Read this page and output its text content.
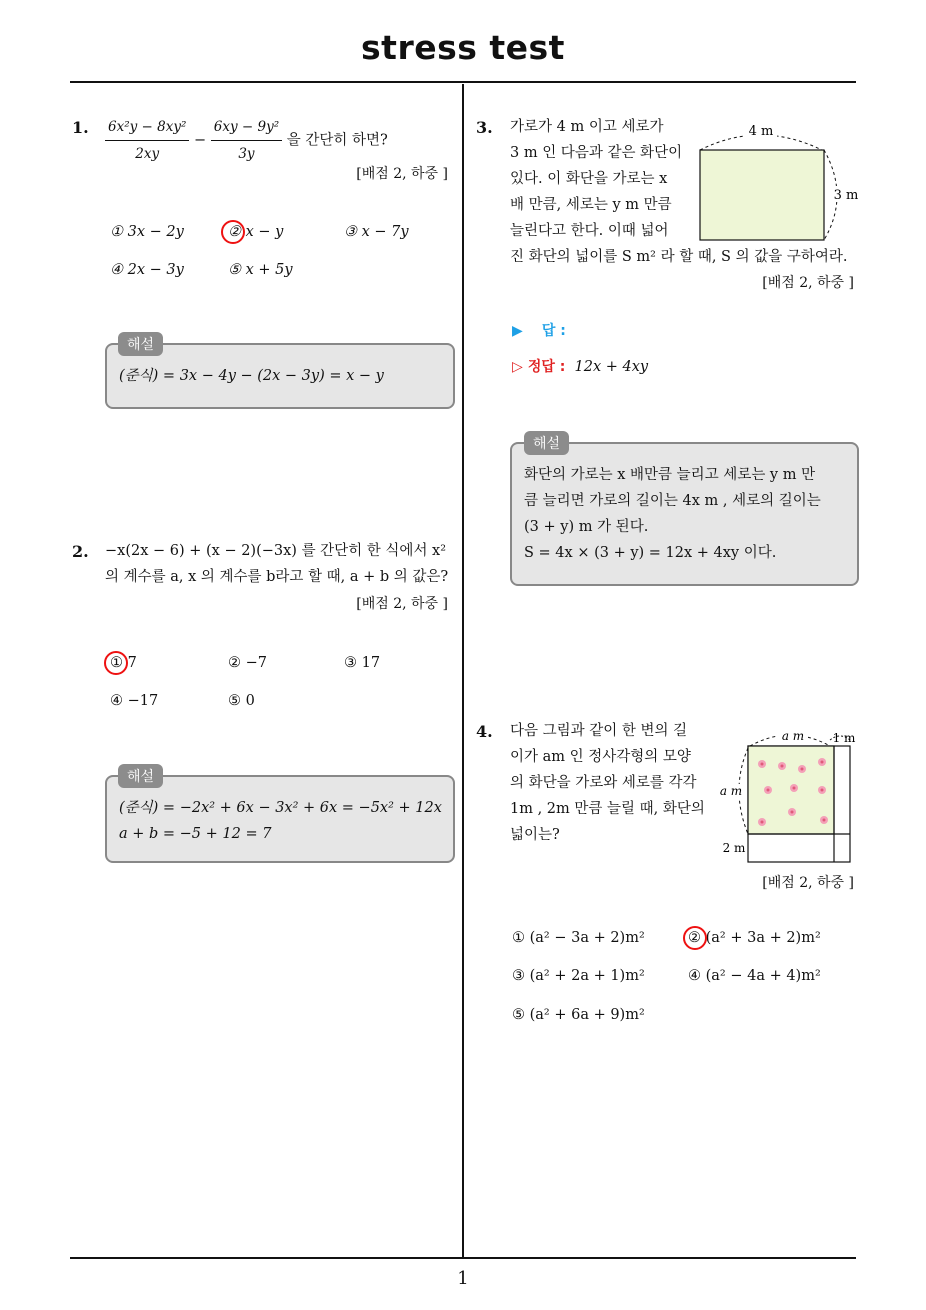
stress test
1
1. $\frac{\text{6x²y − 8xy²}}{2xy} - \frac{\text{6xy − 9y²}}{3y}$ 을 간단히 하면?
[배점 2, 하중 ]
① 3x − 2y	② x − y	③ x − 7y
④ 2x − 3y	⑤ x + 5y
(준식) = 3x − 4y − (2x − 3y) = x − y
해설
2. −x(2x − 6) + (x − 2)(−3x) 를 간단히 한 식에서 x²
의 계수를 a, x 의 계수를 b라고 할 때, a + b 의 값은?
[배점 2, 하중 ]
① 7	② −7	③ 17
④ −17	⑤ 0
(준식) = −2x² + 6x − 3x² + 6x = −5x² + 12x
a + b = −5 + 12 = 7
해설
3. 가로가 4 m 이고 세로가
3 m 인 다음과 같은 화단이
있다. 이 화단을 가로는 x
배 만큼, 세로는 y m 만큼
늘린다고 한다. 이때 넓어
진 화단의 넓이를 S m² 라 할 때, S 의 값을 구하여라.
4 m
3 m
[배점 2, 하중 ]
▶ 답 :
▷ 정답 : 12x + 4xy
화단의 가로는 x 배만큼 늘리고 세로는 y m 만
큼 늘리면 가로의 길이는 4x m , 세로의 길이는
(3 + y) m 가 된다.
S = 4x × (3 + y) = 12x + 4xy 이다.
해설
4. 다음 그림과 같이 한 변의 길
이가 am 인 정사각형의 모양
의 화단을 가로와 세로를 각각
1m , 2m 만큼 늘릴 때, 화단의
넓이는?
a m 1 m
a m
2 m
[배점 2, 하중 ]
① (a² − 3a + 2)m²	② (a² + 3a + 2)m²
③ (a² + 2a + 1)m²	④ (a² − 4a + 4)m²
⑤ (a² + 6a + 9)m²
